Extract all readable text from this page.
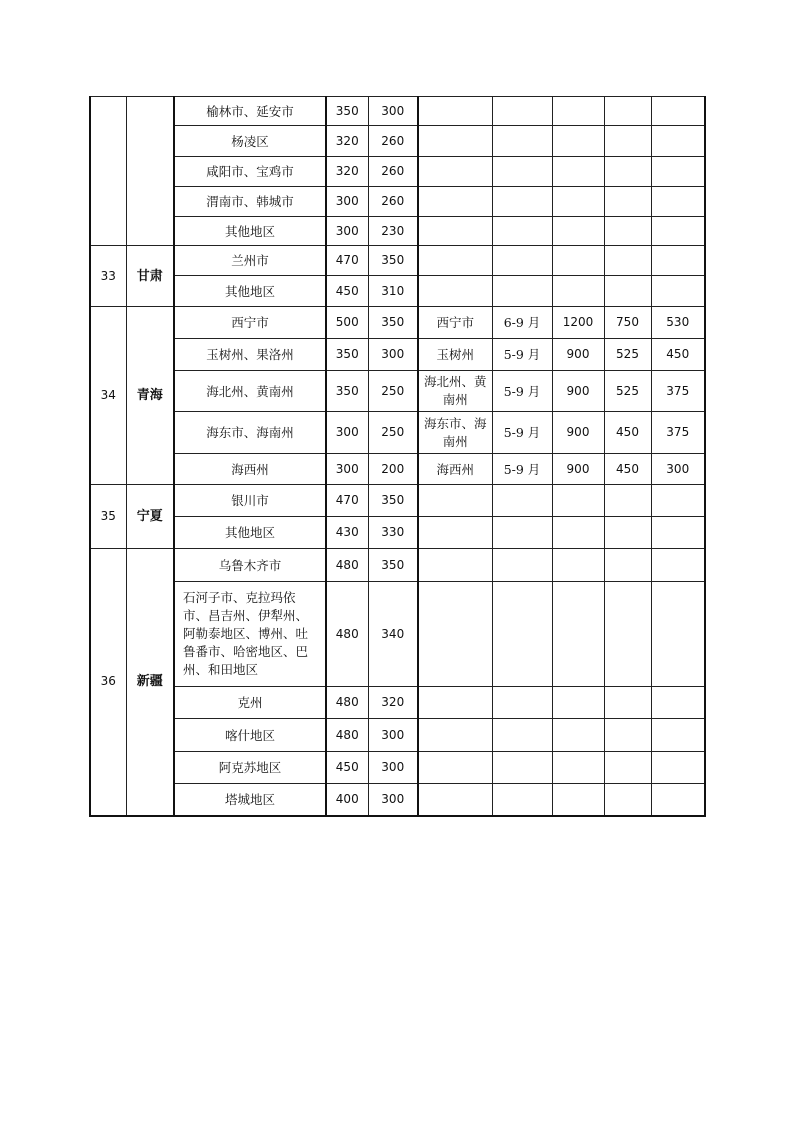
		榆林市、延安市	350	300					
		杨凌区	320	260					
		咸阳市、宝鸡市	320	260					
		渭南市、韩城市	300	260					
		其他地区	300	230					
33	甘肃	兰州市	470	350					
		其他地区	450	310					
34	青海	西宁市	500	350	西宁市	6-9 月	1200	750	530
		玉树州、果洛州	350	300	玉树州	5-9 月	900	525	450
		海北州、黄南州	350	250	海北州、黄南州	5-9 月	900	525	375
		海东市、海南州	300	250	海东市、海南州	5-9 月	900	450	375
		海西州	300	200	海西州	5-9 月	900	450	300
35	宁夏	银川市	470	350					
		其他地区	430	330					
36	新疆	乌鲁木齐市	480	350					
		石河子市、克拉玛依市、昌吉州、伊犁州、阿勒泰地区、博州、吐鲁番市、哈密地区、巴州、和田地区	480	340					
		克州	480	320					
		喀什地区	480	300					
		阿克苏地区	450	300					
		塔城地区	400	300					
